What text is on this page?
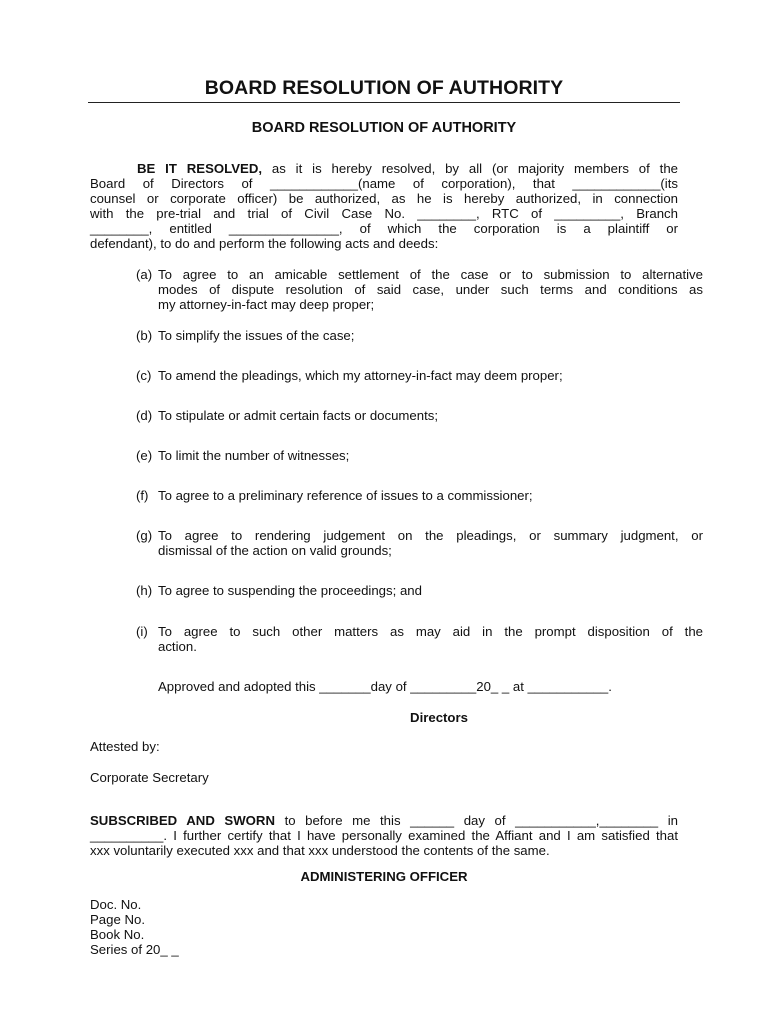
BOARD RESOLUTION OF AUTHORITY
BOARD RESOLUTION OF AUTHORITY
BE IT RESOLVED, as it is hereby resolved, by all (or majority members of the
Board of Directors of ____________(name of corporation), that ____________(its
counsel or corporate officer) be authorized, as he is hereby authorized, in connection
with the pre-trial and trial of Civil Case No. ________, RTC of _________, Branch
________, entitled _______________, of which the corporation is a plaintiff or
defendant), to do and perform the following acts and deeds:
(a) To agree to an amicable settlement of the case or to submission to alternative
modes of dispute resolution of said case, under such terms and conditions as
my attorney-in-fact may deep proper;
(b) To simplify the issues of the case;
(c) To amend the pleadings, which my attorney-in-fact may deem proper;
(d) To stipulate or admit certain facts or documents;
(e) To limit the number of witnesses;
(f) To agree to a preliminary reference of issues to a commissioner;
(g) To agree to rendering judgement on the pleadings, or summary judgment, or
dismissal of the action on valid grounds;
(h) To agree to suspending the proceedings; and
(i) To agree to such other matters as may aid in the prompt disposition of the
action.
Approved and adopted this _______day of _________20_ _ at ___________.
Directors
Attested by:
Corporate Secretary
SUBSCRIBED AND SWORN to before me this ______ day of ___________,________ in
__________. I further certify that I have personally examined the Affiant and I am satisfied that
xxx voluntarily executed xxx and that xxx understood the contents of the same.
ADMINISTERING OFFICER
Doc. No.
Page No.
Book No.
Series of 20_ _
